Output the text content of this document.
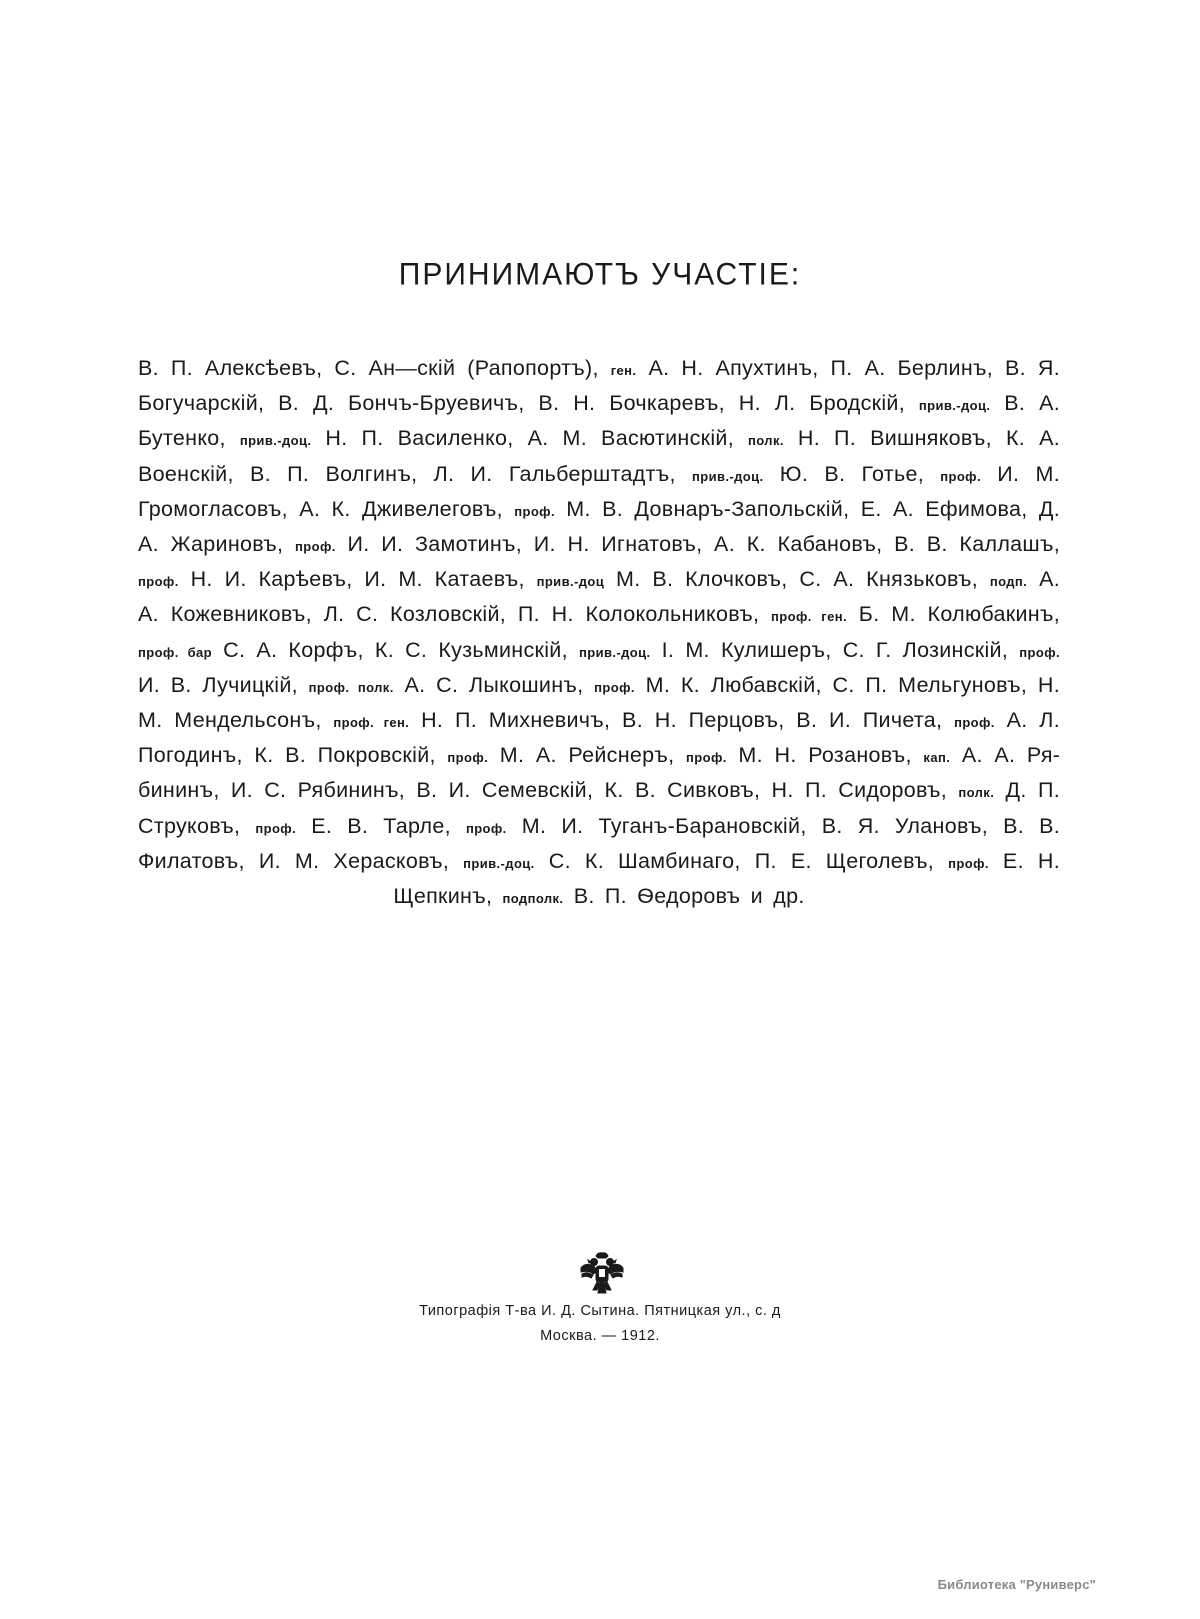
ПРИНИМАЮТЪ УЧАСТІЕ:
В. П. Алексѣевъ, С. Ан—скій (Рапопортъ), ген. А. Н. Апухтинъ, П. А. Берлинъ, В. Я. Богучарскій, В. Д. Бончъ-Бруевичъ, В. Н. Бочкаревъ, Н. Л. Бродскій, прив.-доц. В. А. Бутенко, прив.-доц. Н. П. Василенко, А. М. Васютинскій, полк. Н. П. Вишняковъ, К. А. Военскій, В. П. Волгинъ, Л. И. Гальберштадтъ, прив.-доц. Ю. В. Готье, проф. И. М. Громогласовъ, А. К. Дживелеговъ, проф. М. В. Довнаръ-Запольскій, Е. А. Ефимова, Д. А. Жариновъ, проф. И. И. Замотинъ, И. Н. Игнатовъ, А. К. Кабановъ, В. В. Каллашъ, проф. Н. И. Карѣевъ, И. М. Катаевъ, прив.-доц М. В. Клочковъ, С. А. Князьковъ, подп. А. А. Кожевниковъ, Л. С. Козловскій, П. Н. Колокольниковъ, проф. ген. Б. М. Колюбакинъ, проф. бар С. А. Корфъ, К. С. Кузьминскій, прив.-доц. І. М. Кулишеръ, С. Г. Лозинскій, проф. И. В. Лучицкій, проф. полк. А. С. Лыкошинъ, проф. М. К. Любавскій, С. П. Мельгуновъ, Н. М. Мендельсонъ, проф. ген. Н. П. Михневичъ, В. Н. Перцовъ, В. И. Пичета, проф. А. Л. Погодинъ, К. В. Покровскій, проф. М. А. Рейснеръ, проф. М. Н. Розановъ, кап. А. А. Рябининъ, И. С. Рябининъ, В. И. Семевскій, К. В. Сивковъ, Н. П. Сидоровъ, полк. Д. П. Струковъ, проф. Е. В. Тарле, проф. М. И. Туганъ-Барановскій, В. Я. Улановъ, В. В. Филатовъ, И. М. Херасковъ, прив.-доц. С. К. Шамбинаго, П. Е. Щеголевъ, проф. Е. Н. Щепкинъ, подполк. В. П. Ѳедоровъ и др.
Типографія Т-ва И. Д. Сытина. Пятницкая ул., с. д
Москва. — 1912.
Библиотека "Руниверс"
